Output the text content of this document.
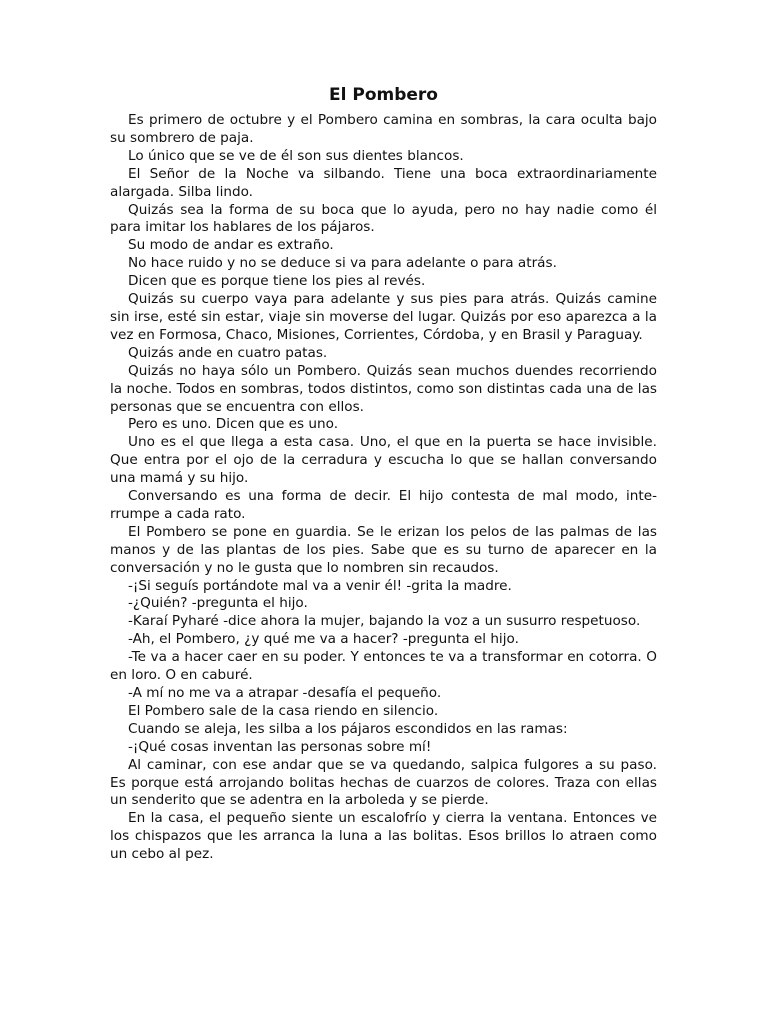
El Pombero

Es primero de octubre y el Pombero camina en sombras, la cara oculta bajo su sombrero de paja.

Lo único que se ve de él son sus dientes blancos.

El Señor de la Noche va silbando. Tiene una boca extraordinariamente alargada. Silba lindo.

Quizás sea la forma de su boca que lo ayuda, pero no hay nadie como él para imitar los hablares de los pájaros.

Su modo de andar es extraño.

No hace ruido y no se deduce si va para adelante o para atrás.

Dicen que es porque tiene los pies al revés.

Quizás su cuerpo vaya para adelante y sus pies para atrás. Quizás camine sin irse, esté sin estar, viaje sin moverse del lugar. Quizás por eso aparezca a la vez en Formosa, Chaco, Misiones, Corrientes, Córdoba, y en Brasil y Paraguay.

Quizás ande en cuatro patas.

Quizás no haya sólo un Pombero. Quizás sean muchos duendes recorriendo la noche. Todos en sombras, todos distintos, como son distintas cada una de las personas que se encuentra con ellos.

Pero es uno. Dicen que es uno.

Uno es el que llega a esta casa. Uno, el que en la puerta se hace invisible. Que entra por el ojo de la cerradura y escucha lo que se hallan conversando una mamá y su hijo.

Conversando es una forma de decir. El hijo contesta de mal modo, interrumpe a cada rato.

El Pombero se pone en guardia. Se le erizan los pelos de las palmas de las manos y de las plantas de los pies. Sabe que es su turno de aparecer en la conversación y no le gusta que lo nombren sin recaudos.

-¡Si seguís portándote mal va a venir él! -grita la madre.

-¿Quién? -pregunta el hijo.

-Karaí Pyharé -dice ahora la mujer, bajando la voz a un susurro respetuoso.

-Ah, el Pombero, ¿y qué me va a hacer? -pregunta el hijo.

-Te va a hacer caer en su poder. Y entonces te va a transformar en cotorra. O en loro. O en caburé.

-A mí no me va a atrapar -desafía el pequeño.

El Pombero sale de la casa riendo en silencio.

Cuando se aleja, les silba a los pájaros escondidos en las ramas:

-¡Qué cosas inventan las personas sobre mí!

Al caminar, con ese andar que se va quedando, salpica fulgores a su paso. Es porque está arrojando bolitas hechas de cuarzos de colores. Traza con ellas un senderito que se adentra en la arboleda y se pierde.

En la casa, el pequeño siente un escalofrío y cierra la ventana. Entonces ve los chispazos que les arranca la luna a las bolitas. Esos brillos lo atraen como un cebo al pez.
